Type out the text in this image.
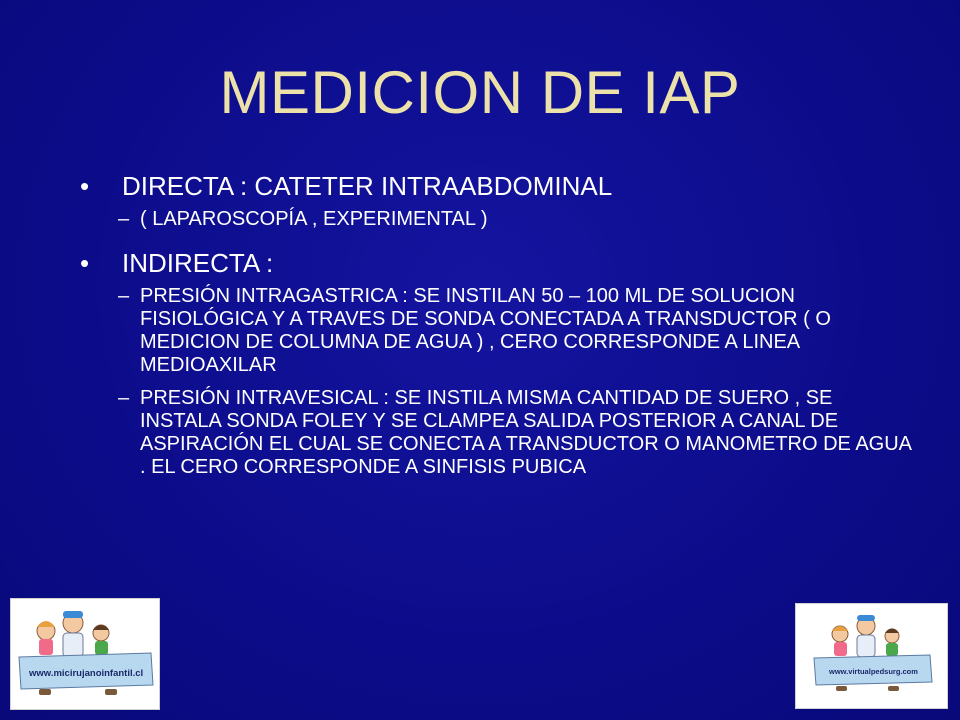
MEDICION DE IAP
• DIRECTA : CATETER INTRAABDOMINAL
– ( LAPAROSCOPÍA , EXPERIMENTAL )
• INDIRECTA :
– PRESIÓN INTRAGASTRICA : SE INSTILAN 50 – 100 ML DE SOLUCION FISIOLÓGICA Y A TRAVES DE SONDA CONECTADA A TRANSDUCTOR ( O MEDICION DE COLUMNA DE AGUA ) , CERO CORRESPONDE A LINEA MEDIOAXILAR
– PRESIÓN INTRAVESICAL : SE INSTILA MISMA CANTIDAD DE SUERO , SE INSTALA SONDA FOLEY Y SE CLAMPEA SALIDA POSTERIOR A CANAL DE ASPIRACIÓN EL CUAL SE CONECTA A TRANSDUCTOR O MANOMETRO DE AGUA . EL CERO CORRESPONDE A SINFISIS PUBICA
www.micirujanoinfantil.cl	www.virtualpedsurg.com
